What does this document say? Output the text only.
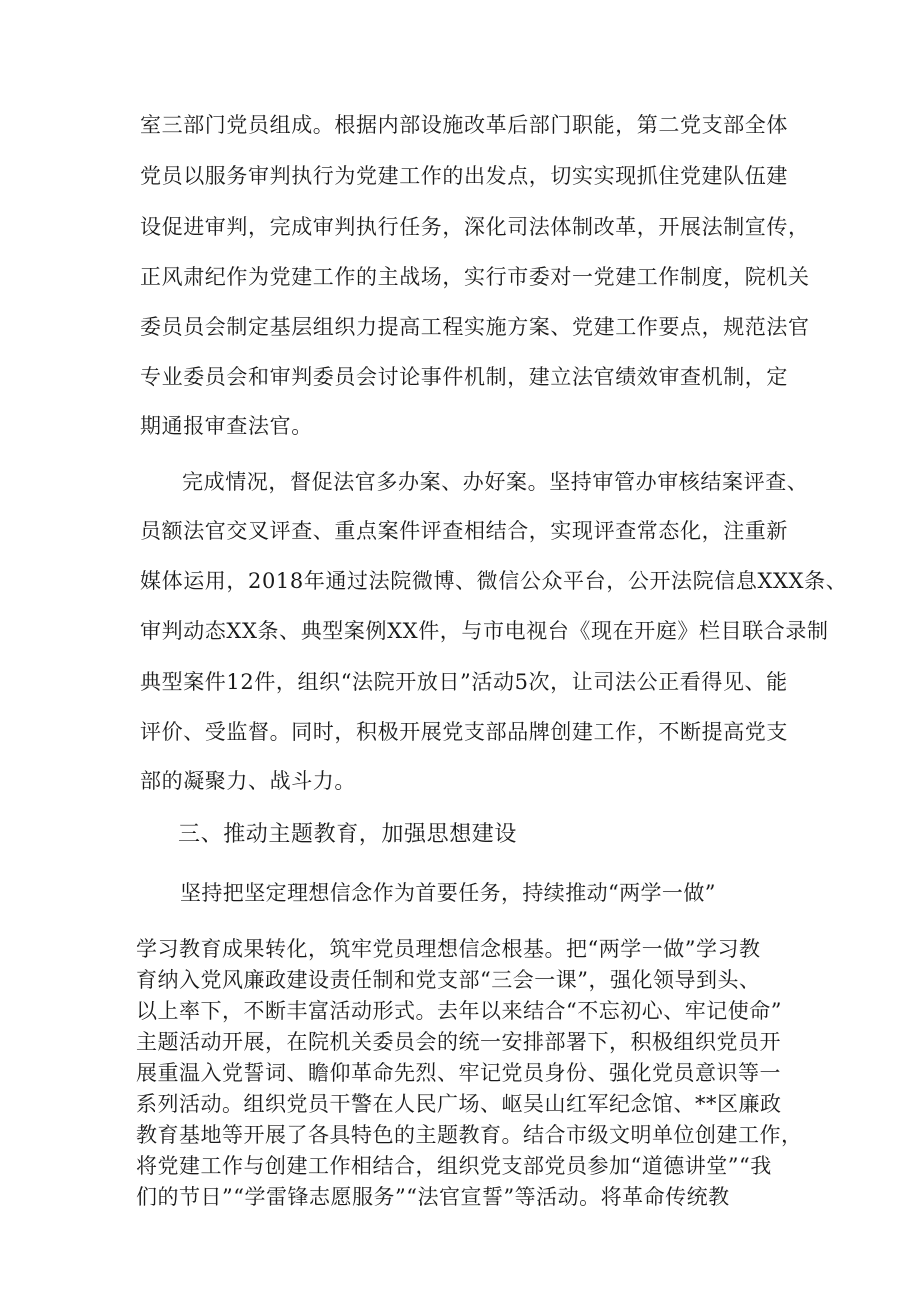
室三部门党员组成。根据内部设施改革后部门职能，第二党支部全体
党员以服务审判执行为党建工作的出发点，切实实现抓住党建队伍建
设促进审判，完成审判执行任务，深化司法体制改革，开展法制宣传，
正风肃纪作为党建工作的主战场，实行市委对一党建工作制度，院机关
委员员会制定基层组织力提高工程实施方案、党建工作要点，规范法官
专业委员会和审判委员会讨论事件机制，建立法官绩效审查机制，定
期通报审查法官。
完成情况，督促法官多办案、办好案。坚持审管办审核结案评查、
员额法官交叉评查、重点案件评查相结合，实现评查常态化，注重新
媒体运用，2018年通过法院微博、微信公众平台，公开法院信息XXX条、
审判动态XX条、典型案例XX件，与市电视台《现在开庭》栏目联合录制
典型案件12件，组织“法院开放日”活动5次，让司法公正看得见、能
评价、受监督。同时，积极开展党支部品牌创建工作，不断提高党支
部的凝聚力、战斗力。
三、推动主题教育，加强思想建设
坚持把坚定理想信念作为首要任务，持续推动“两学一做”
学习教育成果转化，筑牢党员理想信念根基。把“两学一做”学习教
育纳入党风廉政建设责任制和党支部“三会一课”，强化领导到头、
以上率下，不断丰富活动形式。去年以来结合“不忘初心、牢记使命”
主题活动开展，在院机关委员会的统一安排部署下，积极组织党员开
展重温入党誓词、瞻仰革命先烈、牢记党员身份、强化党员意识等一
系列活动。组织党员干警在人民广场、岖吴山红军纪念馆、**区廉政
教育基地等开展了各具特色的主题教育。结合市级文明单位创建工作，
将党建工作与创建工作相结合，组织党支部党员参加“道德讲堂”“我
们的节日”“学雷锋志愿服务”“法官宣誓”等活动。将革命传统教
